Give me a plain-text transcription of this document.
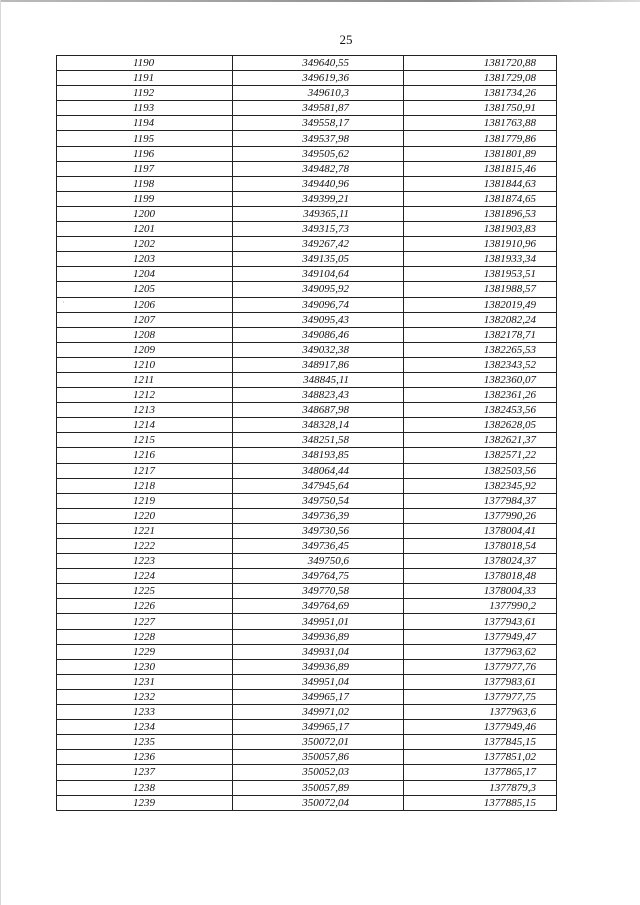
25
·
1190	349640,55	1381720,88
1191	349619,36	1381729,08
1192	349610,3	1381734,26
1193	349581,87	1381750,91
1194	349558,17	1381763,88
1195	349537,98	1381779,86
1196	349505,62	1381801,89
1197	349482,78	1381815,46
1198	349440,96	1381844,63
1199	349399,21	1381874,65
1200	349365,11	1381896,53
1201	349315,73	1381903,83
1202	349267,42	1381910,96
1203	349135,05	1381933,34
1204	349104,64	1381953,51
1205	349095,92	1381988,57
1206	349096,74	1382019,49
1207	349095,43	1382082,24
1208	349086,46	1382178,71
1209	349032,38	1382265,53
1210	348917,86	1382343,52
1211	348845,11	1382360,07
1212	348823,43	1382361,26
1213	348687,98	1382453,56
1214	348328,14	1382628,05
1215	348251,58	1382621,37
1216	348193,85	1382571,22
1217	348064,44	1382503,56
1218	347945,64	1382345,92
1219	349750,54	1377984,37
1220	349736,39	1377990,26
1221	349730,56	1378004,41
1222	349736,45	1378018,54
1223	349750,6	1378024,37
1224	349764,75	1378018,48
1225	349770,58	1378004,33
1226	349764,69	1377990,2
1227	349951,01	1377943,61
1228	349936,89	1377949,47
1229	349931,04	1377963,62
1230	349936,89	1377977,76
1231	349951,04	1377983,61
1232	349965,17	1377977,75
1233	349971,02	1377963,6
1234	349965,17	1377949,46
1235	350072,01	1377845,15
1236	350057,86	1377851,02
1237	350052,03	1377865,17
1238	350057,89	1377879,3
1239	350072,04	1377885,15
